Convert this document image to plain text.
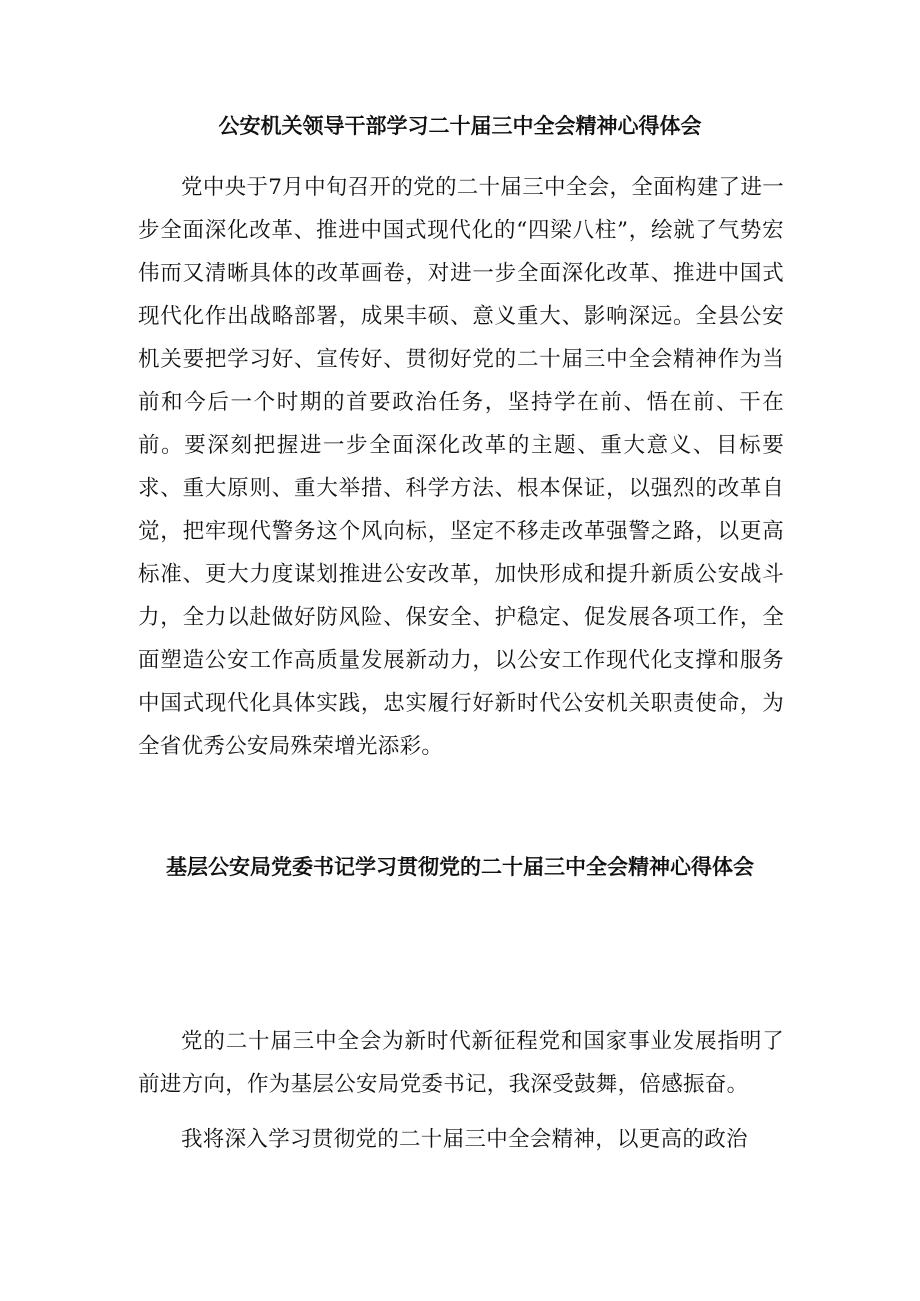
公安机关领导干部学习二十届三中全会精神心得体会

党中央于7月中旬召开的党的二十届三中全会，全面构建了进一步全面深化改革、推进中国式现代化的“四梁八柱”，绘就了气势宏伟而又清晰具体的改革画卷，对进一步全面深化改革、推进中国式现代化作出战略部署，成果丰硕、意义重大、影响深远。全县公安机关要把学习好、宣传好、贯彻好党的二十届三中全会精神作为当前和今后一个时期的首要政治任务，坚持学在前、悟在前、干在前。要深刻把握进一步全面深化改革的主题、重大意义、目标要求、重大原则、重大举措、科学方法、根本保证，以强烈的改革自觉，把牢现代警务这个风向标，坚定不移走改革强警之路，以更高标准、更大力度谋划推进公安改革，加快形成和提升新质公安战斗力，全力以赴做好防风险、保安全、护稳定、促发展各项工作，全面塑造公安工作高质量发展新动力，以公安工作现代化支撑和服务中国式现代化具体实践，忠实履行好新时代公安机关职责使命，为全省优秀公安局殊荣增光添彩。

基层公安局党委书记学习贯彻党的二十届三中全会精神心得体会

党的二十届三中全会为新时代新征程党和国家事业发展指明了前进方向，作为基层公安局党委书记，我深受鼓舞，倍感振奋。

我将深入学习贯彻党的二十届三中全会精神，以更高的政治
